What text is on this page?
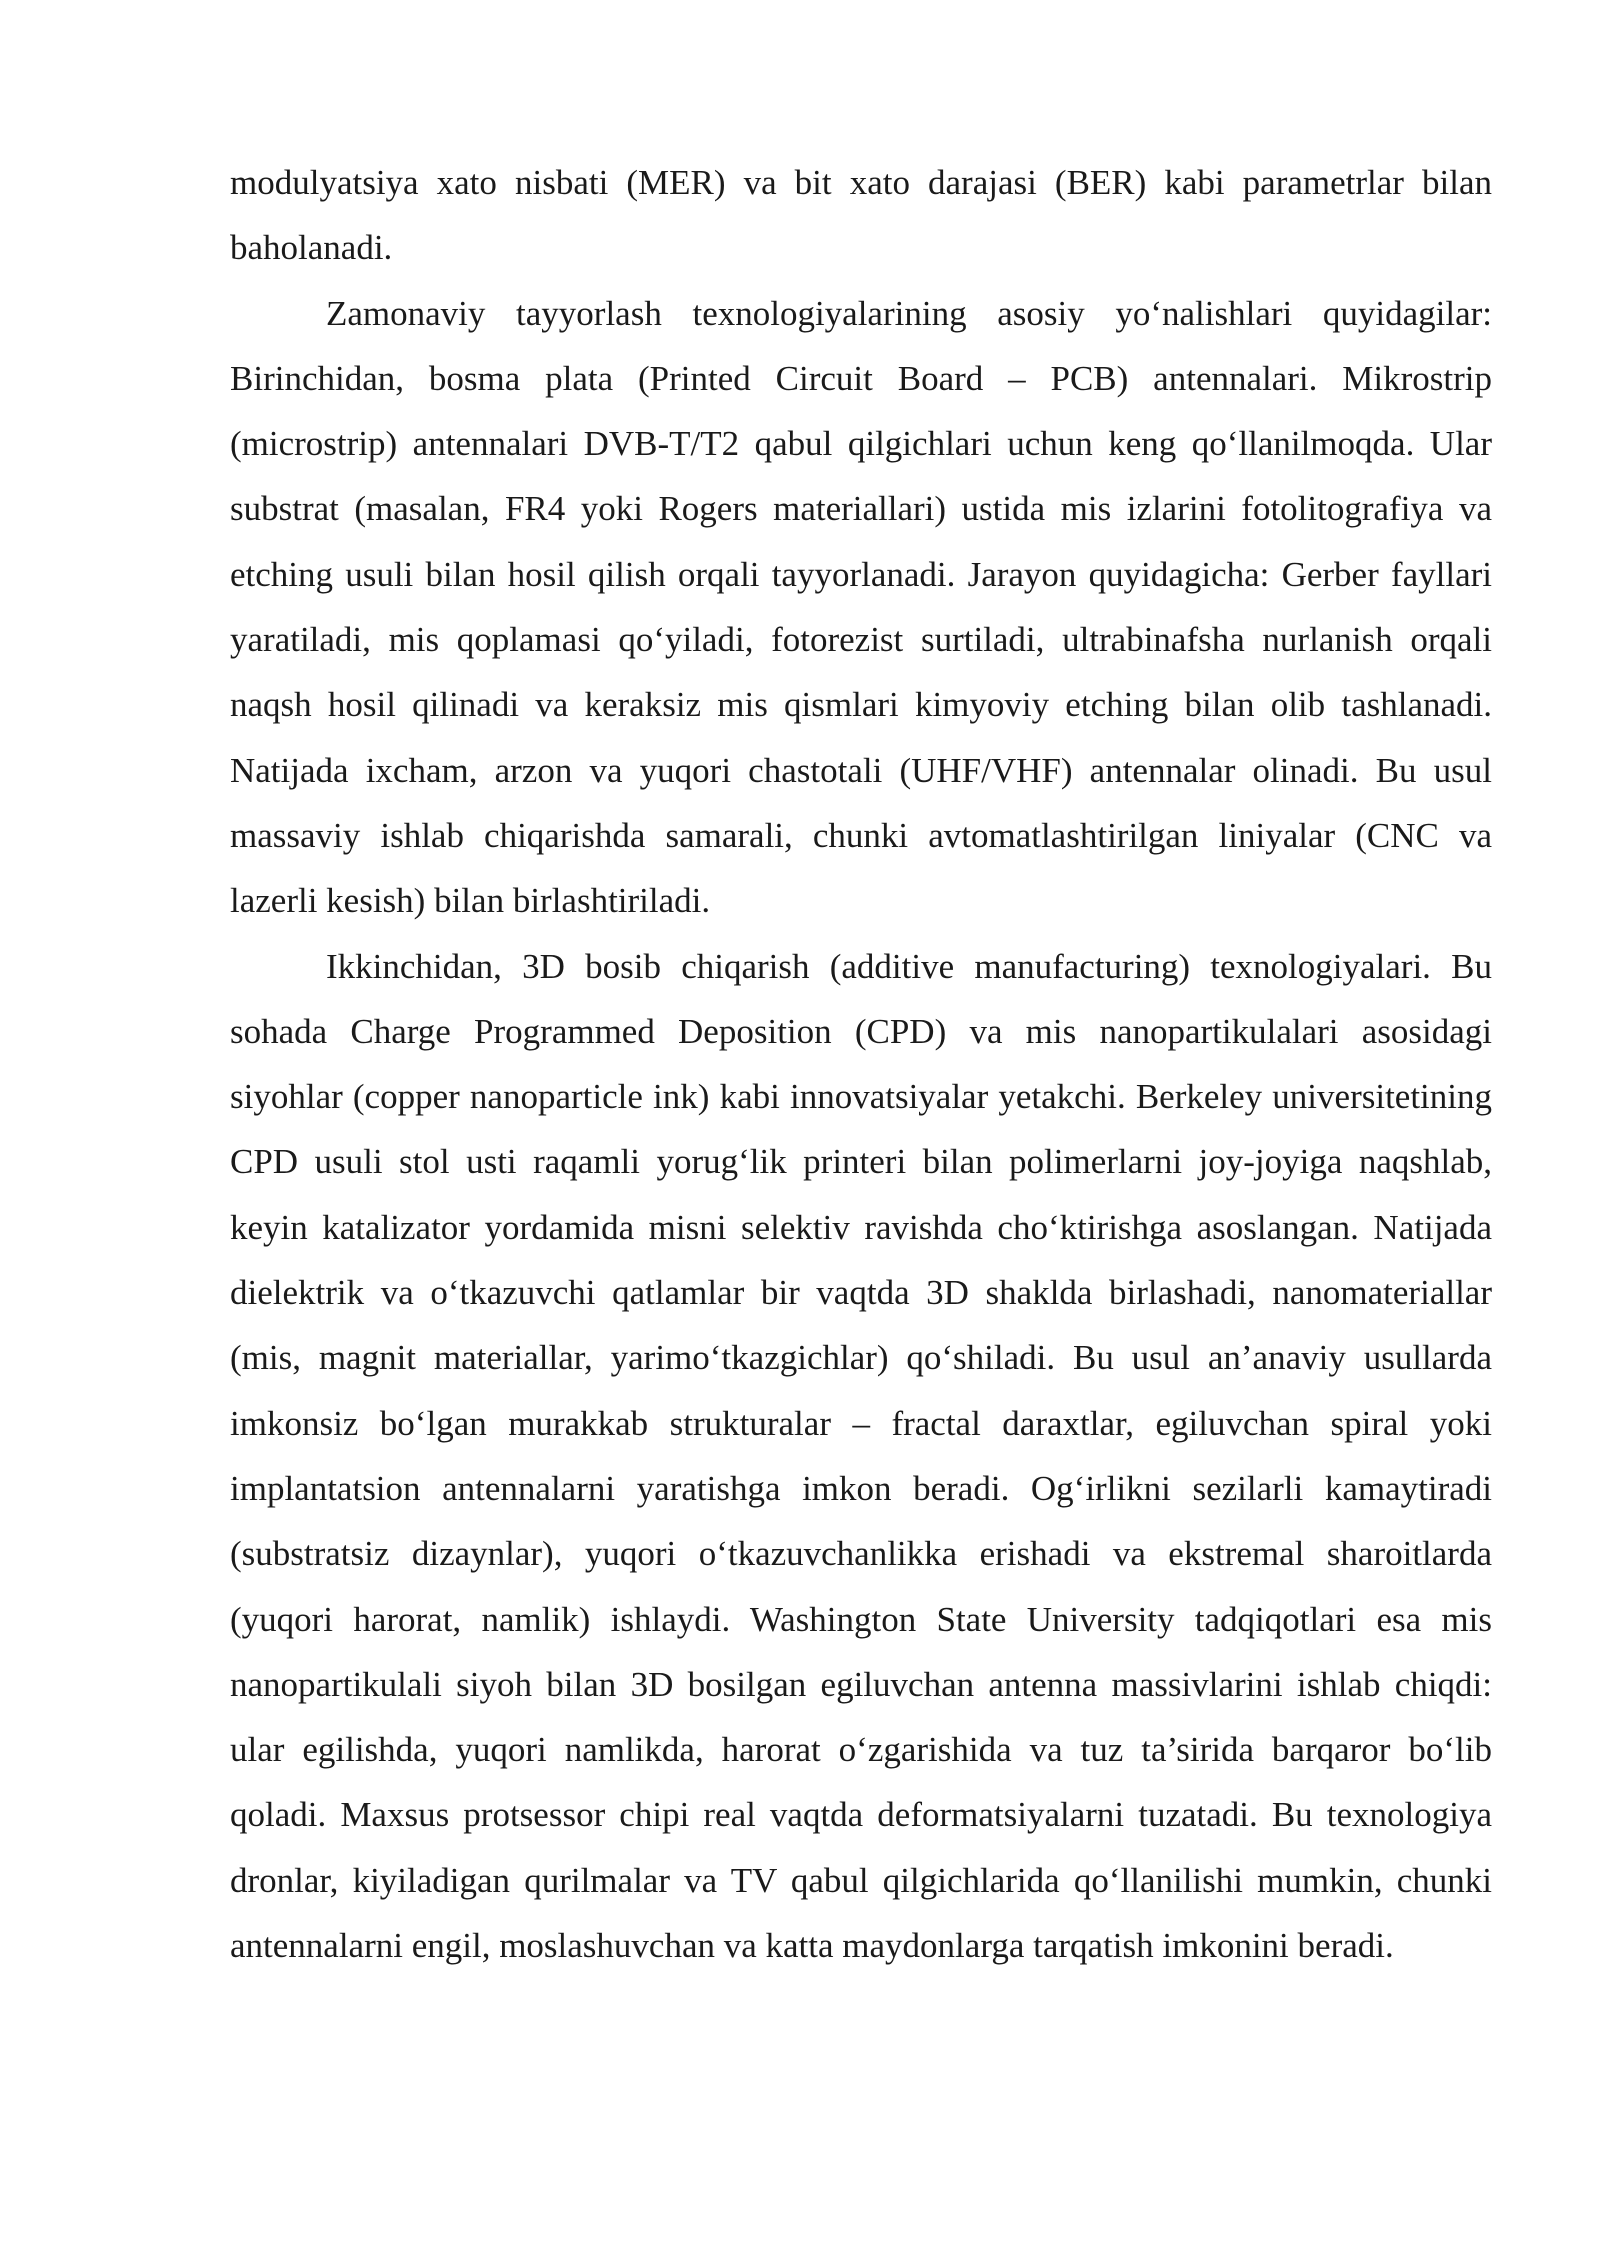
modulyatsiya xato nisbati (MER) va bit xato darajasi (BER) kabi parametrlar bilan baholanadi.

Zamonaviy tayyorlash texnologiyalarining asosiy yo‘nalishlari quyidagilar: Birinchidan, bosma plata (Printed Circuit Board – PCB) antennalari. Mikrostrip (microstrip) antennalari DVB-T/T2 qabul qilgichlari uchun keng qo‘llanilmoqda. Ular substrat (masalan, FR4 yoki Rogers materiallari) ustida mis izlarini fotolitografiya va etching usuli bilan hosil qilish orqali tayyorlanadi. Jarayon quyidagicha: Gerber fayllari yaratiladi, mis qoplamasi qo‘yiladi, fotorezist surtiladi, ultrabinafsha nurlanish orqali naqsh hosil qilinadi va keraksiz mis qismlari kimyoviy etching bilan olib tashlanadi. Natijada ixcham, arzon va yuqori chastotali (UHF/VHF) antennalar olinadi. Bu usul massaviy ishlab chiqarishda samarali, chunki avtomatlashtirilgan liniyalar (CNC va lazerli kesish) bilan birlashtiriladi.

Ikkinchidan, 3D bosib chiqarish (additive manufacturing) texnologiyalari. Bu sohada Charge Programmed Deposition (CPD) va mis nanopartikulalari asosidagi siyohlar (copper nanoparticle ink) kabi innovatsiyalar yetakchi. Berkeley universitetining CPD usuli stol usti raqamli yorug‘lik printeri bilan polimerlarni joy-joyiga naqshlab, keyin katalizator yordamida misni selektiv ravishda cho‘ktirishga asoslangan. Natijada dielektrik va o‘tkazuvchi qatlamlar bir vaqtda 3D shaklda birlashadi, nanomateriallar (mis, magnit materiallar, yarimo‘tkazgichlar) qo‘shiladi. Bu usul an’anaviy usullarda imkonsiz bo‘lgan murakkab strukturalar – fractal daraxtlar, egiluvchan spiral yoki implantatsion antennalarni yaratishga imkon beradi. Og‘irlikni sezilarli kamaytiradi (substratsiz dizaynlar), yuqori o‘tkazuvchanlikka erishadi va ekstremal sharoitlarda (yuqori harorat, namlik) ishlaydi. Washington State University tadqiqotlari esa mis nanopartikulali siyoh bilan 3D bosilgan egiluvchan antenna massivlarini ishlab chiqdi: ular egilishda, yuqori namlikda, harorat o‘zgarishida va tuz ta’sirida barqaror bo‘lib qoladi. Maxsus protsessor chipi real vaqtda deformatsiyalarni tuzatadi. Bu texnologiya dronlar, kiyiladigan qurilmalar va TV qabul qilgichlarida qo‘llanilishi mumkin, chunki antennalarni engil, moslashuvchan va katta maydonlarga tarqatish imkonini beradi.
